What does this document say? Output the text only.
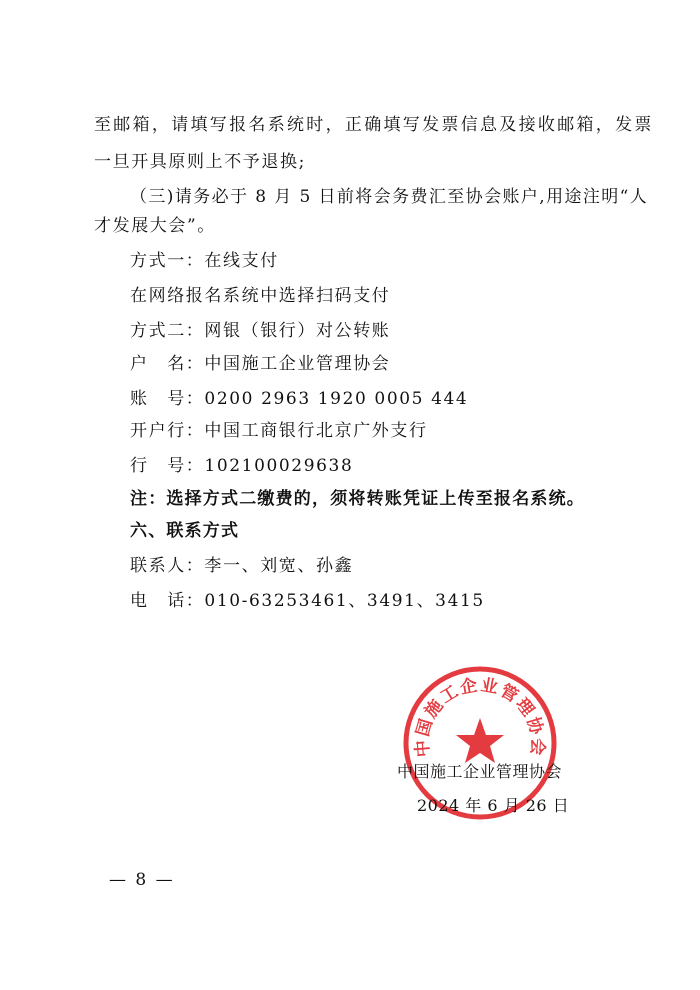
至邮箱，请填写报名系统时，正确填写发票信息及接收邮箱，发票
一旦开具原则上不予退换;
（三)请务必于 8 月 5 日前将会务费汇至协会账户,用途注明“人
才发展大会”。
方式一：在线支付
在网络报名系统中选择扫码支付
方式二：网银（银行）对公转账
户　名：中国施工企业管理协会
账　号：0200 2963 1920 0005 444
开户行：中国工商银行北京广外支行
行　号：102100029638
注：选择方式二缴费的，须将转账凭证上传至报名系统。
六、联系方式
联系人：李一、刘宽、孙鑫
电　话：010-63253461、3491、3415
中国施工企业管理协会
中国施工企业管理协会
2024 年 6 月 26 日
— 8 —
